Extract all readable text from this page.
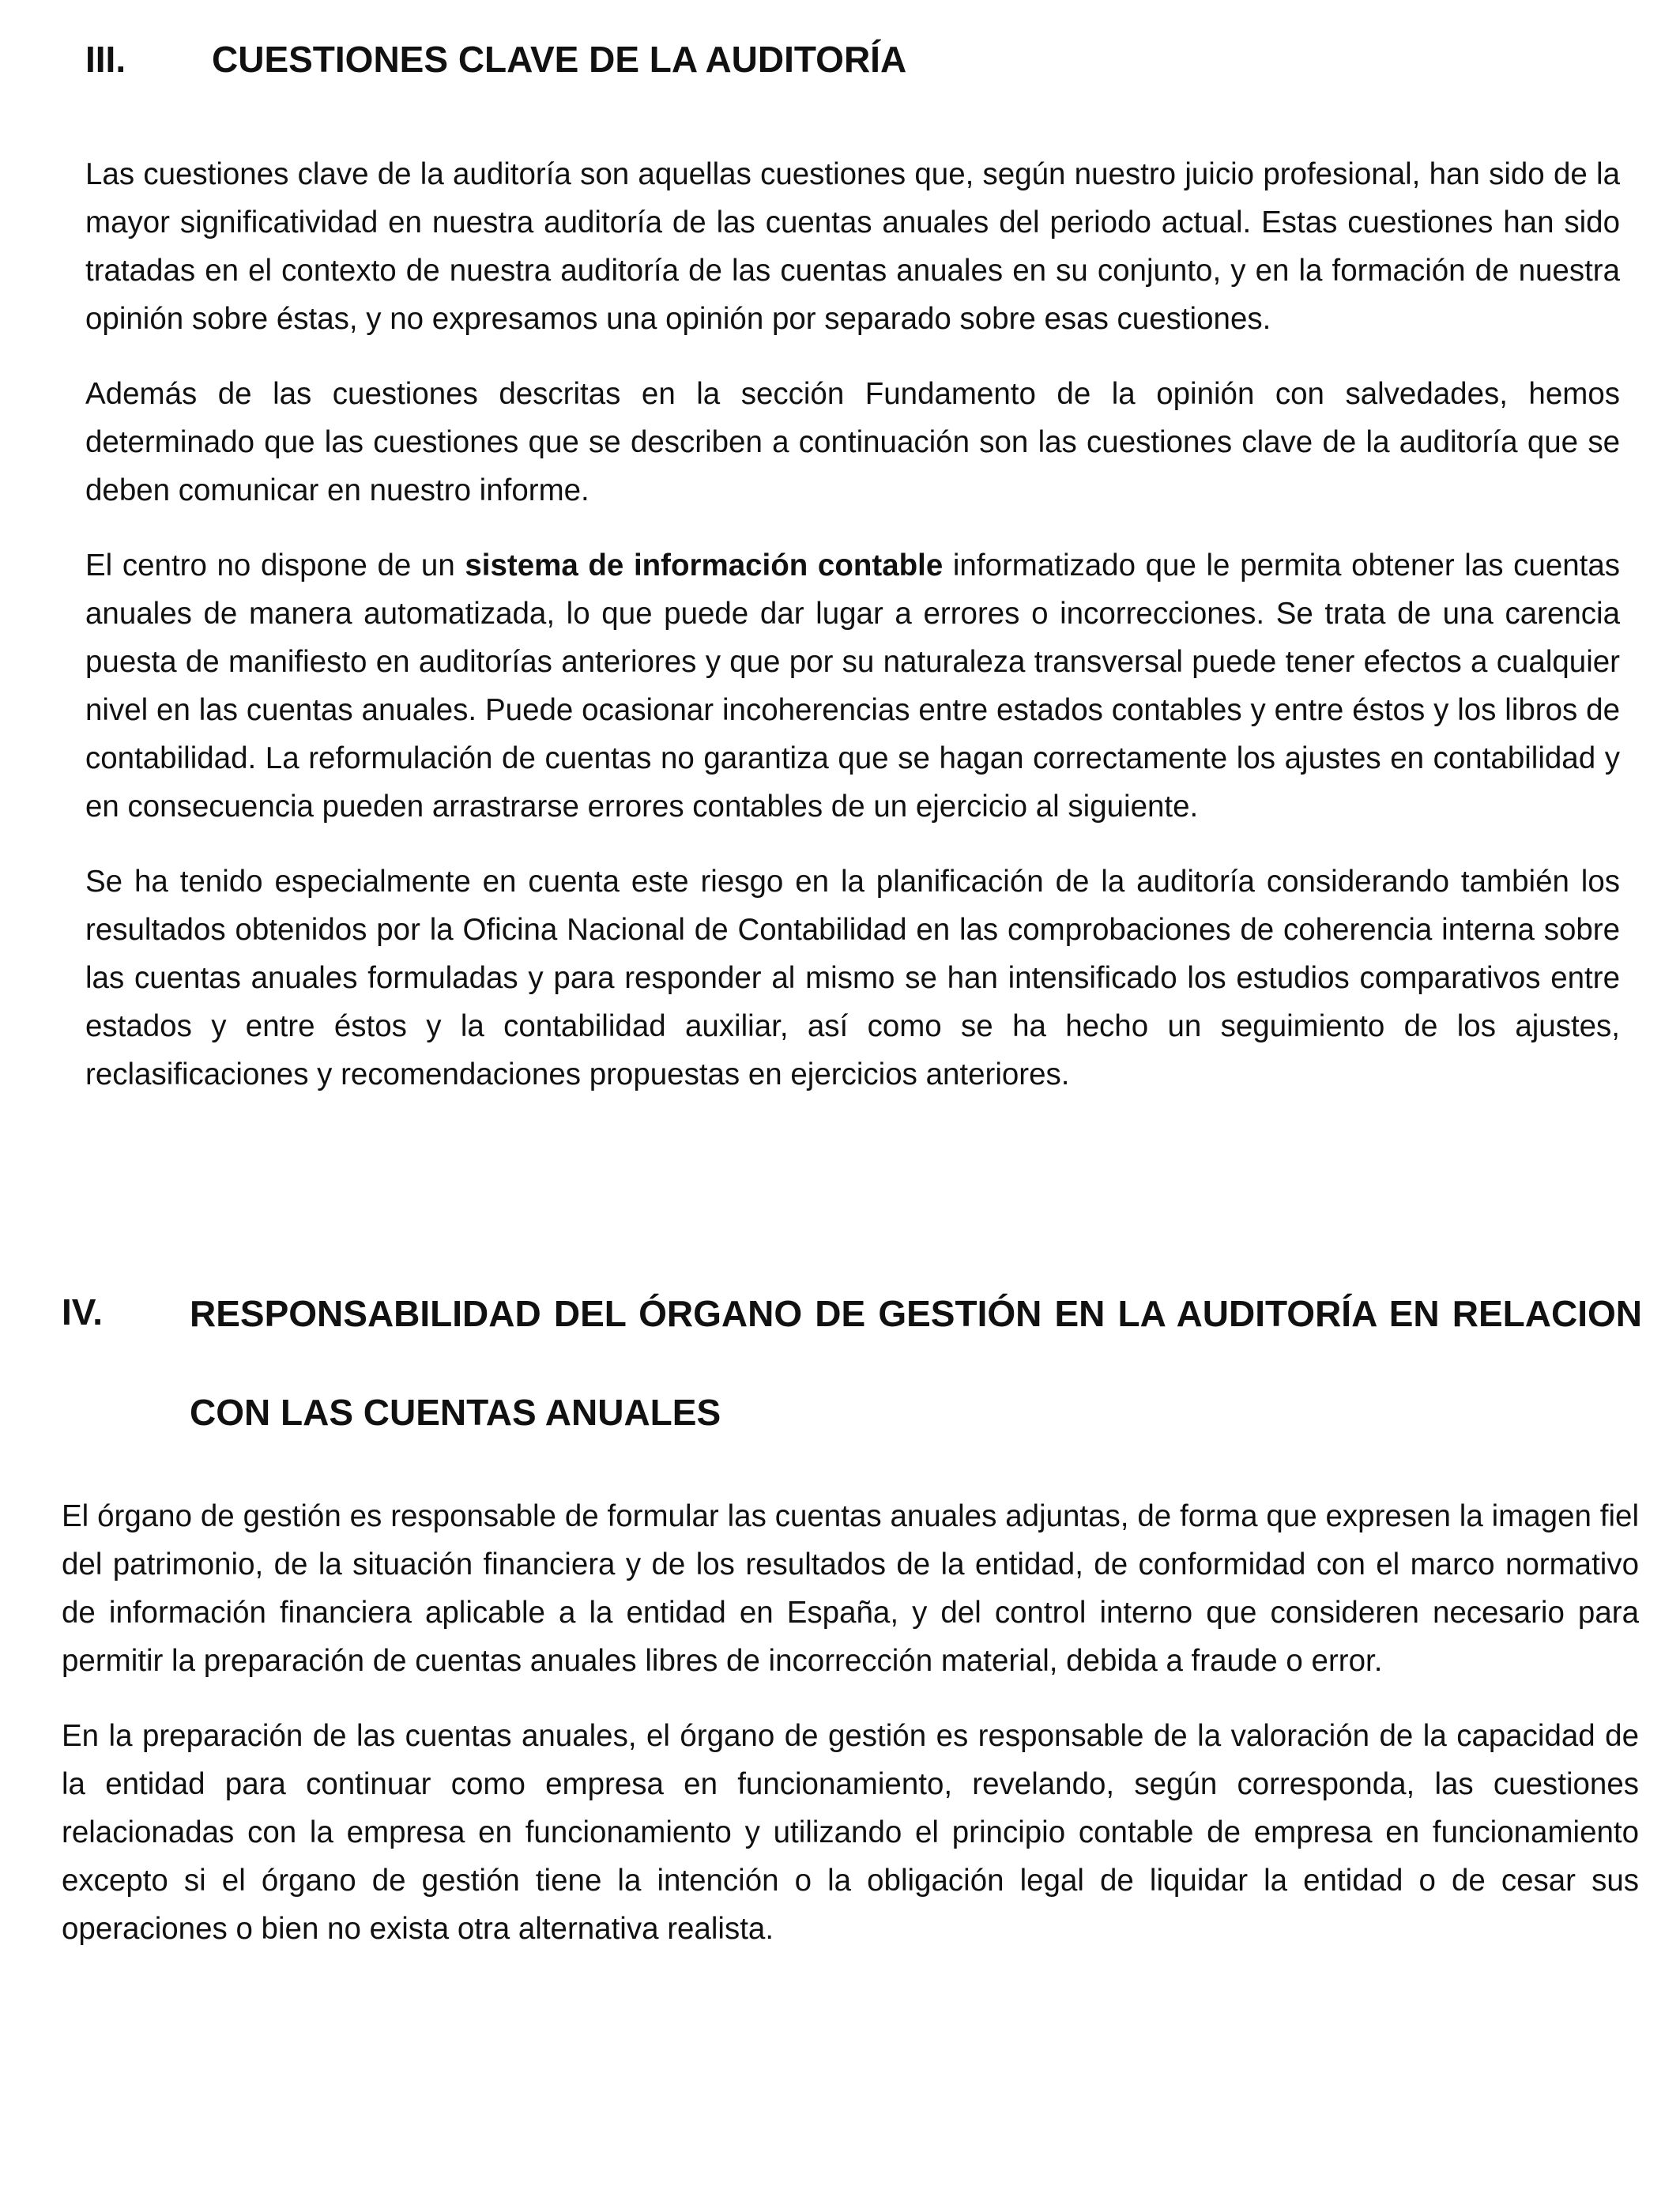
III.	CUESTIONES CLAVE DE LA AUDITORÍA

Las cuestiones clave de la auditoría son aquellas cuestiones que, según nuestro juicio profesional, han sido de la mayor significatividad en nuestra auditoría de las cuentas anuales del periodo actual. Estas cuestiones han sido tratadas en el contexto de nuestra auditoría de las cuentas anuales en su conjunto, y en la formación de nuestra opinión sobre éstas, y no expresamos una opinión por separado sobre esas cuestiones.

Además de las cuestiones descritas en la sección Fundamento de la opinión con salvedades, hemos determinado que las cuestiones que se describen a continuación son las cuestiones clave de la auditoría que se deben comunicar en nuestro informe.

El centro no dispone de un sistema de información contable informatizado que le permita obtener las cuentas anuales de manera automatizada, lo que puede dar lugar a errores o incorrecciones. Se trata de una carencia puesta de manifiesto en auditorías anteriores y que por su naturaleza transversal puede tener efectos a cualquier nivel en las cuentas anuales. Puede ocasionar incoherencias entre estados contables y entre éstos y los libros de contabilidad. La reformulación de cuentas no garantiza que se hagan correctamente los ajustes en contabilidad y en consecuencia pueden arrastrarse errores contables de un ejercicio al siguiente.

Se ha tenido especialmente en cuenta este riesgo en la planificación de la auditoría considerando también los resultados obtenidos por la Oficina Nacional de Contabilidad en las comprobaciones de coherencia interna sobre las cuentas anuales formuladas y para responder al mismo se han intensificado los estudios comparativos entre estados y entre éstos y la contabilidad auxiliar, así como se ha hecho un seguimiento de los ajustes, reclasificaciones y recomendaciones propuestas en ejercicios anteriores.

IV.	RESPONSABILIDAD DEL ÓRGANO DE GESTIÓN EN LA AUDITORÍA EN RELACION CON LAS CUENTAS ANUALES

El órgano de gestión es responsable de formular las cuentas anuales adjuntas, de forma que expresen la imagen fiel del patrimonio, de la situación financiera y de los resultados de la entidad, de conformidad con el marco normativo de información financiera aplicable a la entidad en España, y del control interno que consideren necesario para permitir la preparación de cuentas anuales libres de incorrección material, debida a fraude o error.

En la preparación de las cuentas anuales, el órgano de gestión es responsable de la valoración de la capacidad de la entidad para continuar como empresa en funcionamiento, revelando, según corresponda, las cuestiones relacionadas con la empresa en funcionamiento y utilizando el principio contable de empresa en funcionamiento excepto si el órgano de gestión tiene la intención o la obligación legal de liquidar la entidad o de cesar sus operaciones o bien no exista otra alternativa realista.
